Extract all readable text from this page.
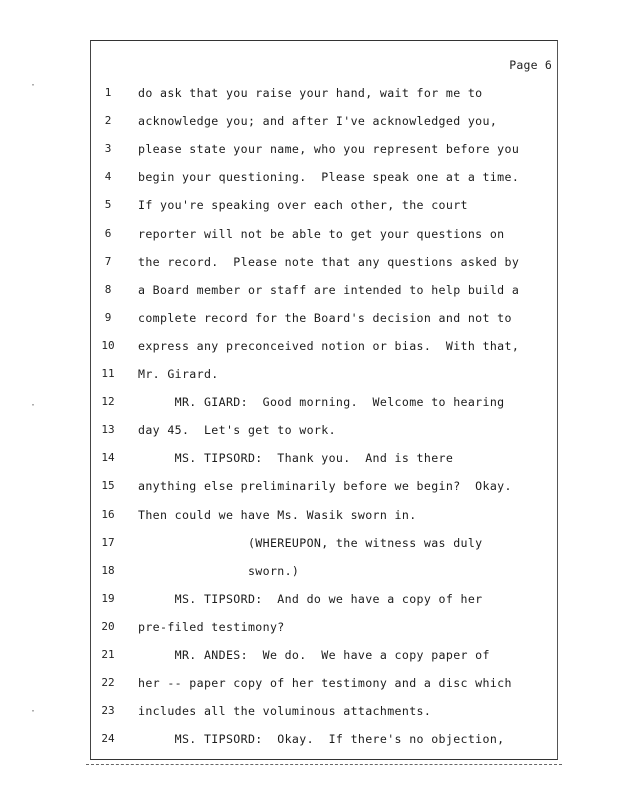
Page 6
1	do ask that you raise your hand, wait for me to
2	acknowledge you; and after I've acknowledged you,
3	please state your name, who you represent before you
4	begin your questioning.  Please speak one at a time.
5	If you're speaking over each other, the court
6	reporter will not be able to get your questions on
7	the record.  Please note that any questions asked by
8	a Board member or staff are intended to help build a
9	complete record for the Board's decision and not to
10	express any preconceived notion or bias.  With that,
11	Mr. Girard.
12	MR. GIARD:  Good morning.  Welcome to hearing
13	day 45.  Let's get to work.
14	MS. TIPSORD:  Thank you.  And is there
15	anything else preliminarily before we begin?  Okay.
16	Then could we have Ms. Wasik sworn in.
17	(WHEREUPON, the witness was duly
18	sworn.)
19	MS. TIPSORD:  And do we have a copy of her
20	pre-filed testimony?
21	MR. ANDES:  We do.  We have a copy paper of
22	her -- paper copy of her testimony and a disc which
23	includes all the voluminous attachments.
24	MS. TIPSORD:  Okay.  If there's no objection,
·
·
·
